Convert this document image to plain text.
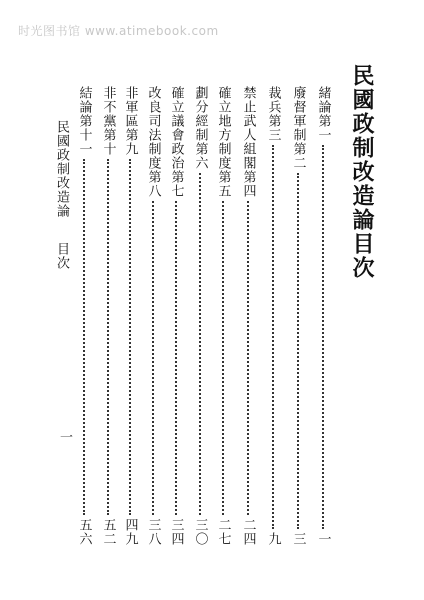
时光图书馆 www.atimebook.com
民國政制改造論目次
緒論第一
一
廢督軍制第二
三
裁兵第三
九
禁止武人組閣第四
二四
確立地方制度第五
二七
劃分經制第六
三〇
確立議會政治第七
三四
改良司法制度第八
三八
非軍區第九
四九
非不黨第十
五二
結論第十一
五六
民國政制改造論目次
一
